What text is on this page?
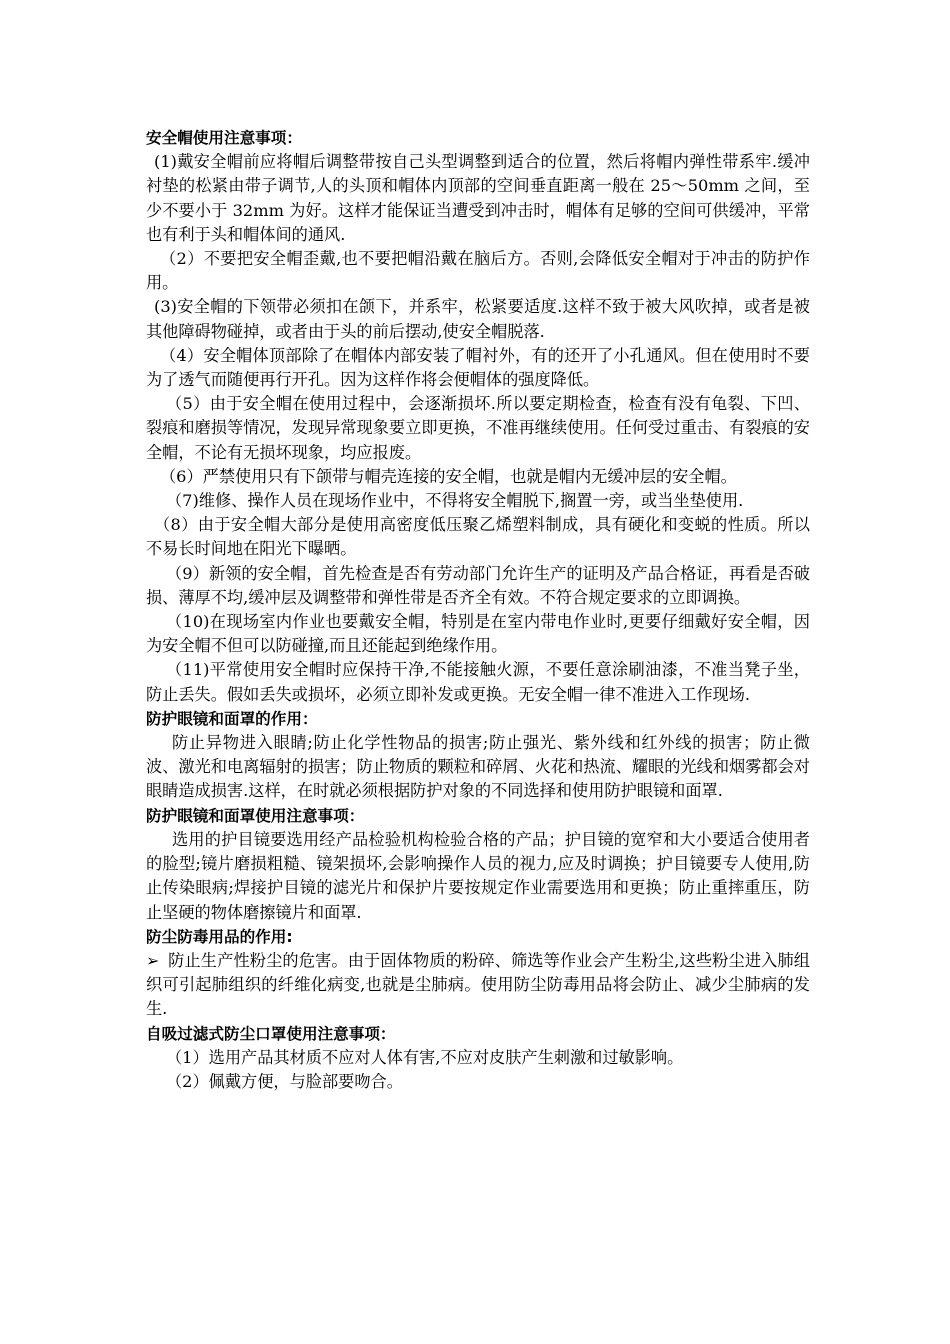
安全帽使用注意事项：
(1)戴安全帽前应将帽后调整带按自己头型调整到适合的位置，然后将帽内弹性带系牢.缓冲衬垫的松紧由带子调节,人的头顶和帽体内顶部的空间垂直距离一般在 25～50mm 之间，至少不要小于 32mm 为好。这样才能保证当遭受到冲击时，帽体有足够的空间可供缓冲，平常也有利于头和帽体间的通风.
（2）不要把安全帽歪戴,也不要把帽沿戴在脑后方。否则,会降低安全帽对于冲击的防护作用。
(3)安全帽的下领带必须扣在颌下，并系牢，松紧要适度.这样不致于被大风吹掉，或者是被其他障碍物碰掉，或者由于头的前后摆动,使安全帽脱落.
（4）安全帽体顶部除了在帽体内部安装了帽衬外，有的还开了小孔通风。但在使用时不要为了透气而随便再行开孔。因为这样作将会便帽体的强度降低。
（5）由于安全帽在使用过程中，会逐渐损坏.所以要定期检查，检查有没有龟裂、下凹、裂痕和磨损等情况，发现异常现象要立即更换，不准再继续使用。任何受过重击、有裂痕的安全帽，不论有无损坏现象，均应报废。
（6）严禁使用只有下颌带与帽壳连接的安全帽，也就是帽内无缓冲层的安全帽。
（7)维修、操作人员在现场作业中，不得将安全帽脱下,搁置一旁，或当坐垫使用.
（8）由于安全帽大部分是使用高密度低压聚乙烯塑料制成，具有硬化和变蜕的性质。所以不易长时间地在阳光下曝晒。
（9）新领的安全帽，首先检查是否有劳动部门允许生产的证明及产品合格证，再看是否破损、薄厚不均,缓冲层及调整带和弹性带是否齐全有效。不符合规定要求的立即调换。
（10)在现场室内作业也要戴安全帽，特别是在室内带电作业时,更要仔细戴好安全帽，因为安全帽不但可以防碰撞,而且还能起到绝缘作用。
（11)平常使用安全帽时应保持干净,不能接触火源，不要任意涂刷油漆，不准当凳子坐，防止丢失。假如丢失或损坏，必须立即补发或更换。无安全帽一律不准进入工作现场.
防护眼镜和面罩的作用：
防止异物进入眼睛;防止化学性物品的损害;防止强光、紫外线和红外线的损害；防止微波、激光和电离辐射的损害；防止物质的颗粒和碎屑、火花和热流、耀眼的光线和烟雾都会对眼睛造成损害.这样，在时就必须根据防护对象的不同选择和使用防护眼镜和面罩.
防护眼镜和面罩使用注意事项：
选用的护目镜要选用经产品检验机构检验合格的产品；护目镜的宽窄和大小要适合使用者的脸型;镜片磨损粗糙、镜架损坏,会影响操作人员的视力,应及时调换；护目镜要专人使用,防止传染眼病;焊接护目镜的滤光片和保护片要按规定作业需要选用和更换；防止重摔重压，防止坚硬的物体磨擦镜片和面罩.
防尘防毒用品的作用:
➢ 防止生产性粉尘的危害。由于固体物质的粉碎、筛选等作业会产生粉尘,这些粉尘进入肺组织可引起肺组织的纤维化病变,也就是尘肺病。使用防尘防毒用品将会防止、减少尘肺病的发生.
自吸过滤式防尘口罩使用注意事项：
（1）选用产品其材质不应对人体有害,不应对皮肤产生刺激和过敏影响。
（2）佩戴方便，与脸部要吻合。
